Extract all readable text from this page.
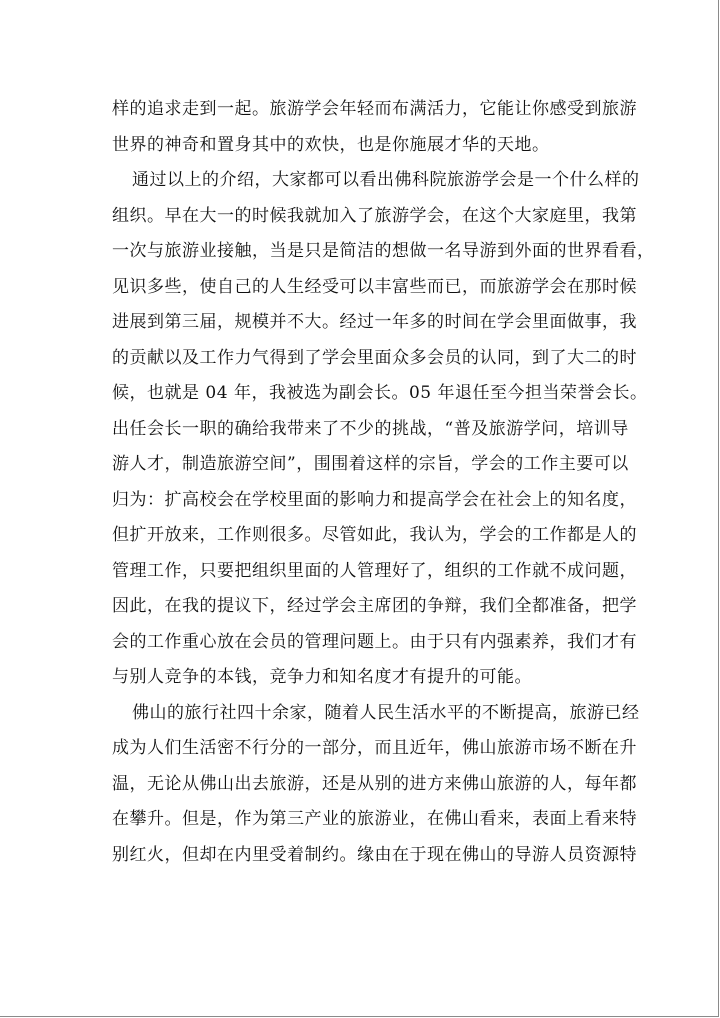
样的追求走到一起。旅游学会年轻而布满活力，它能让你感受到旅游
世界的神奇和置身其中的欢快，也是你施展才华的天地。
通过以上的介绍，大家都可以看出佛科院旅游学会是一个什么样的
组织。早在大一的时候我就加入了旅游学会，在这个大家庭里，我第
一次与旅游业接触，当是只是简洁的想做一名导游到外面的世界看看，
见识多些，使自己的人生经受可以丰富些而已，而旅游学会在那时候
进展到第三届，规模并不大。经过一年多的时间在学会里面做事，我
的贡献以及工作力气得到了学会里面众多会员的认同，到了大二的时
候，也就是 04 年，我被选为副会长。05 年退任至今担当荣誉会长。
出任会长一职的确给我带来了不少的挑战，“普及旅游学问，培训导
游人才，制造旅游空间”，围围着这样的宗旨，学会的工作主要可以
归为：扩高校会在学校里面的影响力和提高学会在社会上的知名度，
但扩开放来，工作则很多。尽管如此，我认为，学会的工作都是人的
管理工作，只要把组织里面的人管理好了，组织的工作就不成问题，
因此，在我的提议下，经过学会主席团的争辩，我们全都准备，把学
会的工作重心放在会员的管理问题上。由于只有内强素养，我们才有
与别人竞争的本钱，竞争力和知名度才有提升的可能。
佛山的旅行社四十余家，随着人民生活水平的不断提高，旅游已经
成为人们生活密不行分的一部分，而且近年，佛山旅游市场不断在升
温，无论从佛山出去旅游，还是从别的进方来佛山旅游的人，每年都
在攀升。但是，作为第三产业的旅游业，在佛山看来，表面上看来特
别红火，但却在内里受着制约。缘由在于现在佛山的导游人员资源特
